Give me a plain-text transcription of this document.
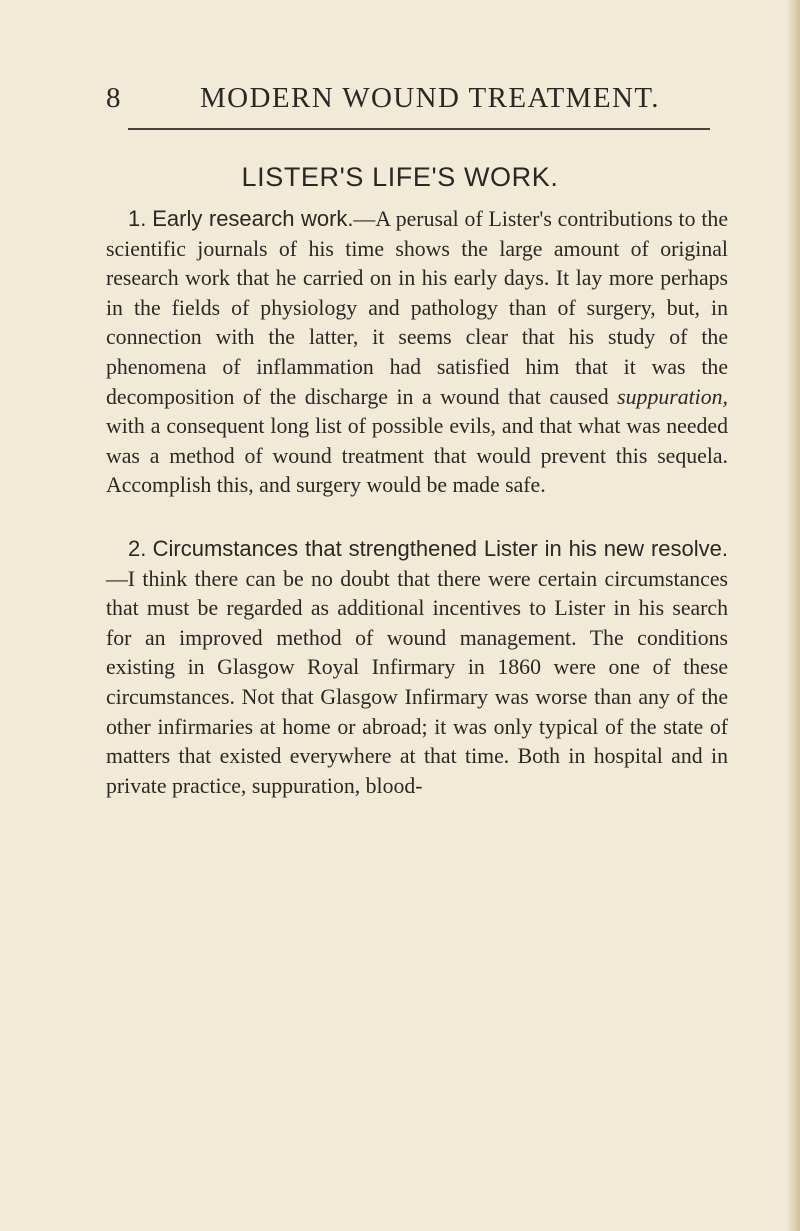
8	MODERN WOUND TREATMENT.
LISTER'S LIFE'S WORK.

1. Early research work.—A perusal of Lister's contributions to the scientific journals of his time shows the large amount of original research work that he carried on in his early days. It lay more perhaps in the fields of physiology and pathology than of surgery, but, in connection with the latter, it seems clear that his study of the phenomena of inflammation had satisfied him that it was the decomposition of the discharge in a wound that caused suppuration, with a consequent long list of possible evils, and that what was needed was a method of wound treatment that would prevent this sequela. Accomplish this, and surgery would be made safe.

2. Circumstances that strengthened Lister in his new resolve.—I think there can be no doubt that there were certain circumstances that must be regarded as additional incentives to Lister in his search for an improved method of wound management. The conditions existing in Glasgow Royal Infirmary in 1860 were one of these circumstances. Not that Glasgow Infirmary was worse than any of the other infirmaries at home or abroad; it was only typical of the state of matters that existed everywhere at that time. Both in hospital and in private practice, suppuration, blood-
